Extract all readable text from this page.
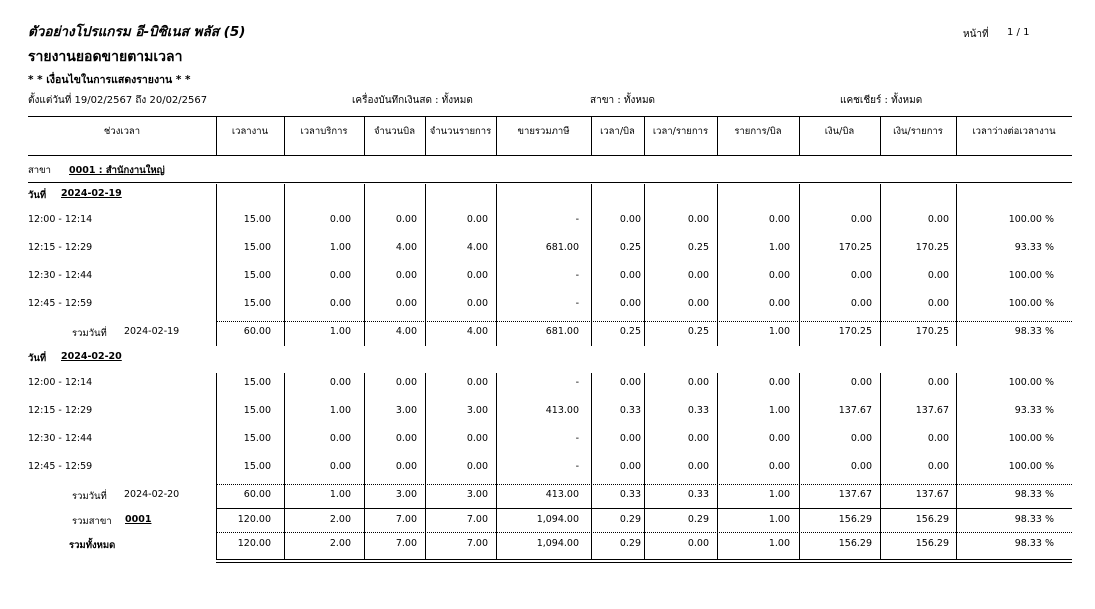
ตัวอย่างโปรแกรม อี-บิซิเนส พลัส (5)	หน้าที่ 1 / 1
รายงานยอดขายตามเวลา
* * เงื่อนไขในการแสดงรายงาน * *
ตั้งแต่วันที่ 19/02/2567 ถึง 20/02/2567	เครื่องบันทึกเงินสด : ทั้งหมด	สาขา : ทั้งหมด	แคชเชียร์ : ทั้งหมด
ช่วงเวลา	เวลางาน	เวลาบริการ	จำนวนบิล	จำนวนรายการ	ขายรวมภาษี	เวลา/บิล	เวลา/รายการ	รายการ/บิล	เงิน/บิล	เงิน/รายการ	เวลาว่างต่อเวลางาน
สาขา 0001 : สำนักงานใหญ่
วันที่ 2024-02-19
12:00 - 12:14	15.00	0.00	0.00	0.00	-	0.00	0.00	0.00	0.00	0.00	100.00 %
12:15 - 12:29	15.00	1.00	4.00	4.00	681.00	0.25	0.25	1.00	170.25	170.25	93.33 %
12:30 - 12:44	15.00	0.00	0.00	0.00	-	0.00	0.00	0.00	0.00	0.00	100.00 %
12:45 - 12:59	15.00	0.00	0.00	0.00	-	0.00	0.00	0.00	0.00	0.00	100.00 %
รวมวันที่ 2024-02-19	60.00	1.00	4.00	4.00	681.00	0.25	0.25	1.00	170.25	170.25	98.33 %
วันที่ 2024-02-20
12:00 - 12:14	15.00	0.00	0.00	0.00	-	0.00	0.00	0.00	0.00	0.00	100.00 %
12:15 - 12:29	15.00	1.00	3.00	3.00	413.00	0.33	0.33	1.00	137.67	137.67	93.33 %
12:30 - 12:44	15.00	0.00	0.00	0.00	-	0.00	0.00	0.00	0.00	0.00	100.00 %
12:45 - 12:59	15.00	0.00	0.00	0.00	-	0.00	0.00	0.00	0.00	0.00	100.00 %
รวมวันที่ 2024-02-20	60.00	1.00	3.00	3.00	413.00	0.33	0.33	1.00	137.67	137.67	98.33 %
รวมสาขา 0001	120.00	2.00	7.00	7.00	1,094.00	0.29	0.29	1.00	156.29	156.29	98.33 %
รวมทั้งหมด	120.00	2.00	7.00	7.00	1,094.00	0.29	0.00	1.00	156.29	156.29	98.33 %
